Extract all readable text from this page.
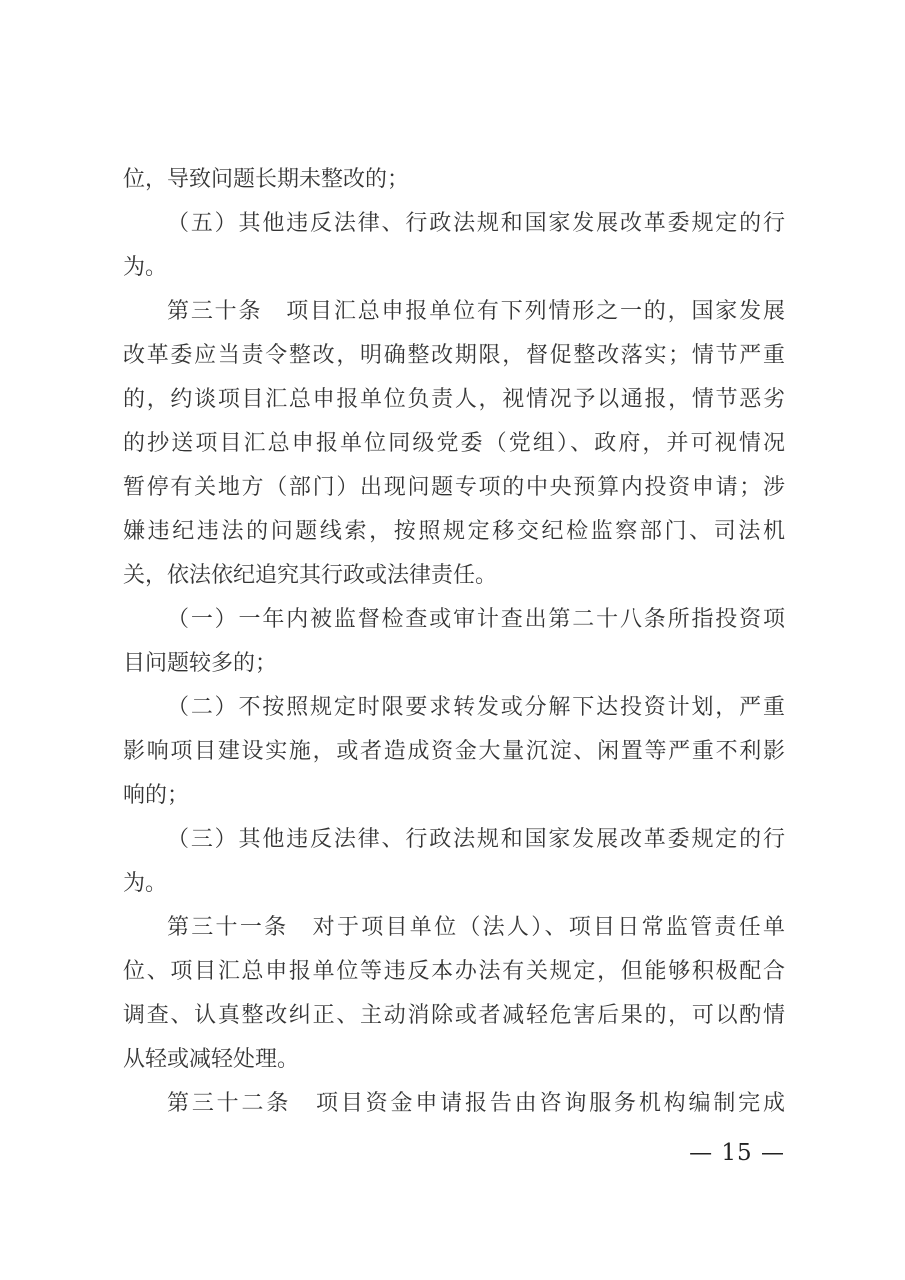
位，导致问题长期未整改的；
（五）其他违反法律、行政法规和国家发展改革委规定的行
为。
第三十条　项目汇总申报单位有下列情形之一的，国家发展
改革委应当责令整改，明确整改期限，督促整改落实；情节严重
的，约谈项目汇总申报单位负责人，视情况予以通报，情节恶劣
的抄送项目汇总申报单位同级党委（党组）、政府，并可视情况
暂停有关地方（部门）出现问题专项的中央预算内投资申请；涉
嫌违纪违法的问题线索，按照规定移交纪检监察部门、司法机
关，依法依纪追究其行政或法律责任。
（一）一年内被监督检查或审计查出第二十八条所指投资项
目问题较多的；
（二）不按照规定时限要求转发或分解下达投资计划，严重
影响项目建设实施，或者造成资金大量沉淀、闲置等严重不利影
响的；
（三）其他违反法律、行政法规和国家发展改革委规定的行
为。
第三十一条　对于项目单位（法人）、项目日常监管责任单
位、项目汇总申报单位等违反本办法有关规定，但能够积极配合
调查、认真整改纠正、主动消除或者减轻危害后果的，可以酌情
从轻或减轻处理。
第三十二条　项目资金申请报告由咨询服务机构编制完成
— 15 —
